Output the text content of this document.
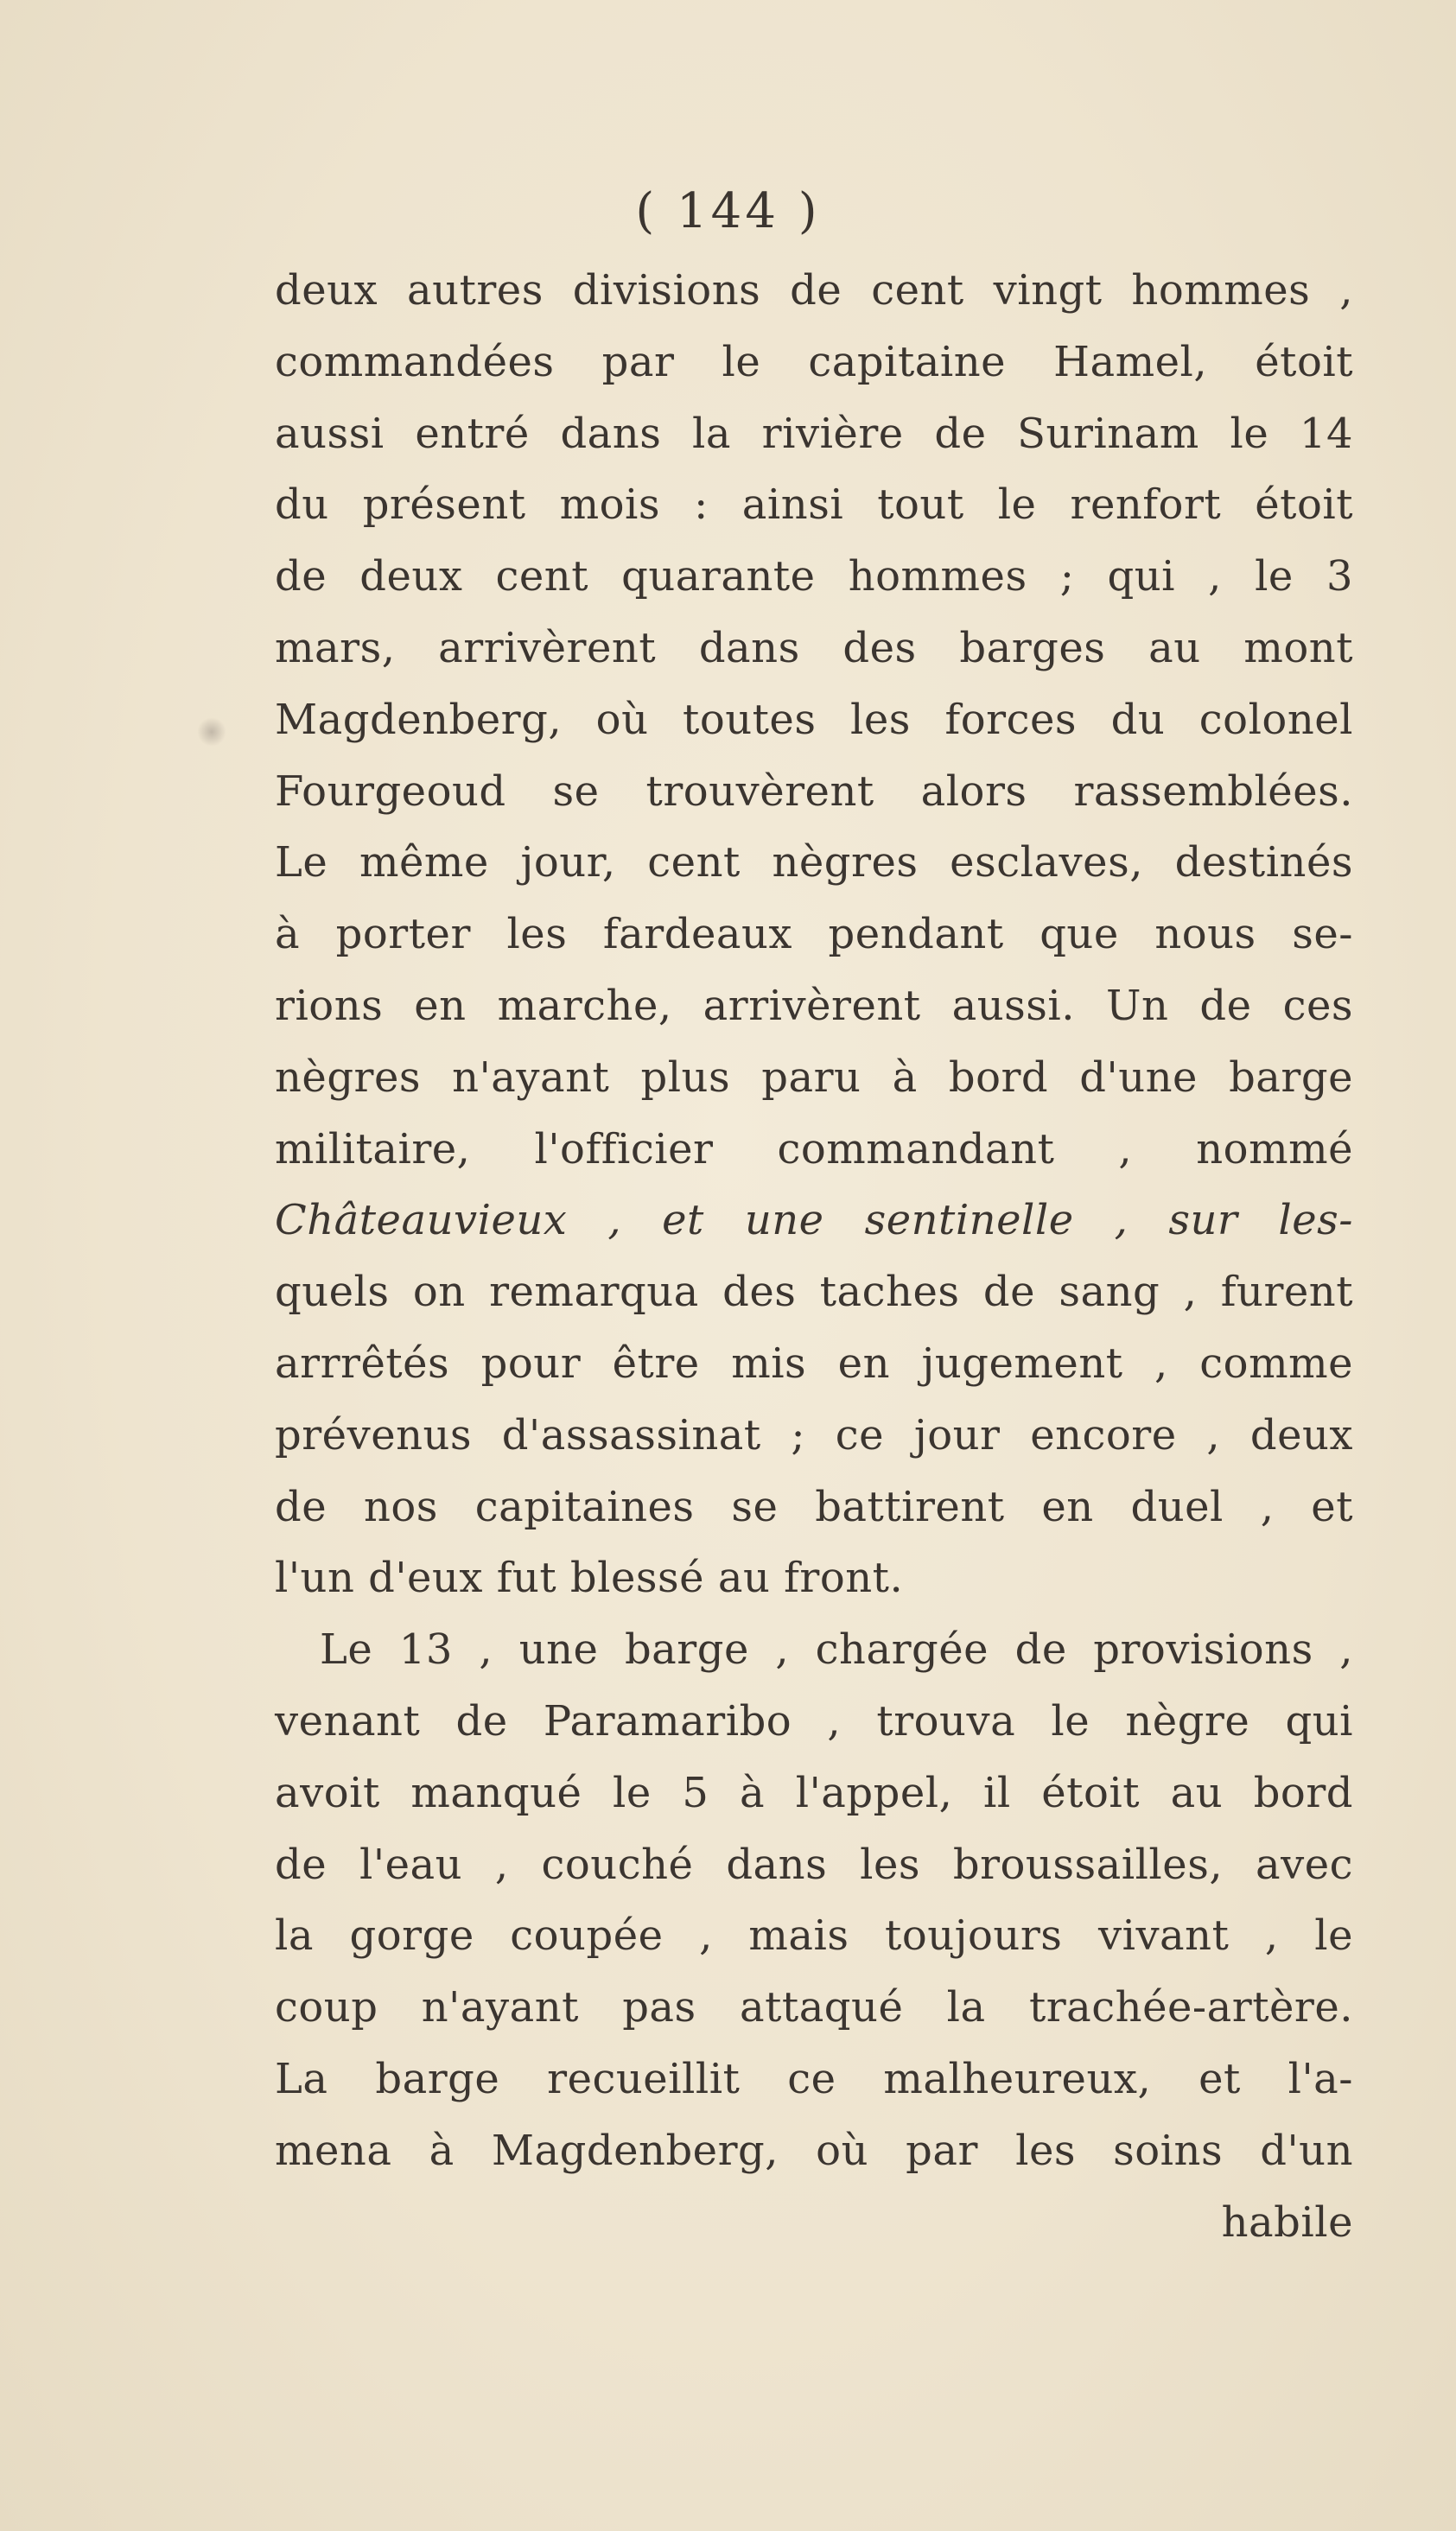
( 144 )
deux autres divisions de cent vingt hommes ,
commandées par le capitaine Hamel, étoit
aussi entré dans la rivière de Surinam le 14
du présent mois : ainsi tout le renfort étoit
de deux cent quarante hommes ; qui , le 3
mars, arrivèrent dans des barges au mont
Magdenberg, où toutes les forces du colonel
Fourgeoud se trouvèrent alors rassemblées.
Le même jour, cent nègres esclaves, destinés
à porter les fardeaux pendant que nous se-
rions en marche, arrivèrent aussi. Un de ces
nègres n'ayant plus paru à bord d'une barge
militaire, l'officier commandant , nommé
Châteauvieux , et une sentinelle , sur les-
quels on remarqua des taches de sang , furent
arrrêtés pour être mis en jugement , comme
prévenus d'assassinat ; ce jour encore , deux
de nos capitaines se battirent en duel , et
l'un d'eux fut blessé au front.
Le 13 , une barge , chargée de provisions ,
venant de Paramaribo , trouva le nègre qui
avoit manqué le 5 à l'appel, il étoit au bord
de l'eau , couché dans les broussailles, avec
la gorge coupée , mais toujours vivant , le
coup n'ayant pas attaqué la trachée-artère.
La barge recueillit ce malheureux, et l'a-
mena à Magdenberg, où par les soins d'un
habile
